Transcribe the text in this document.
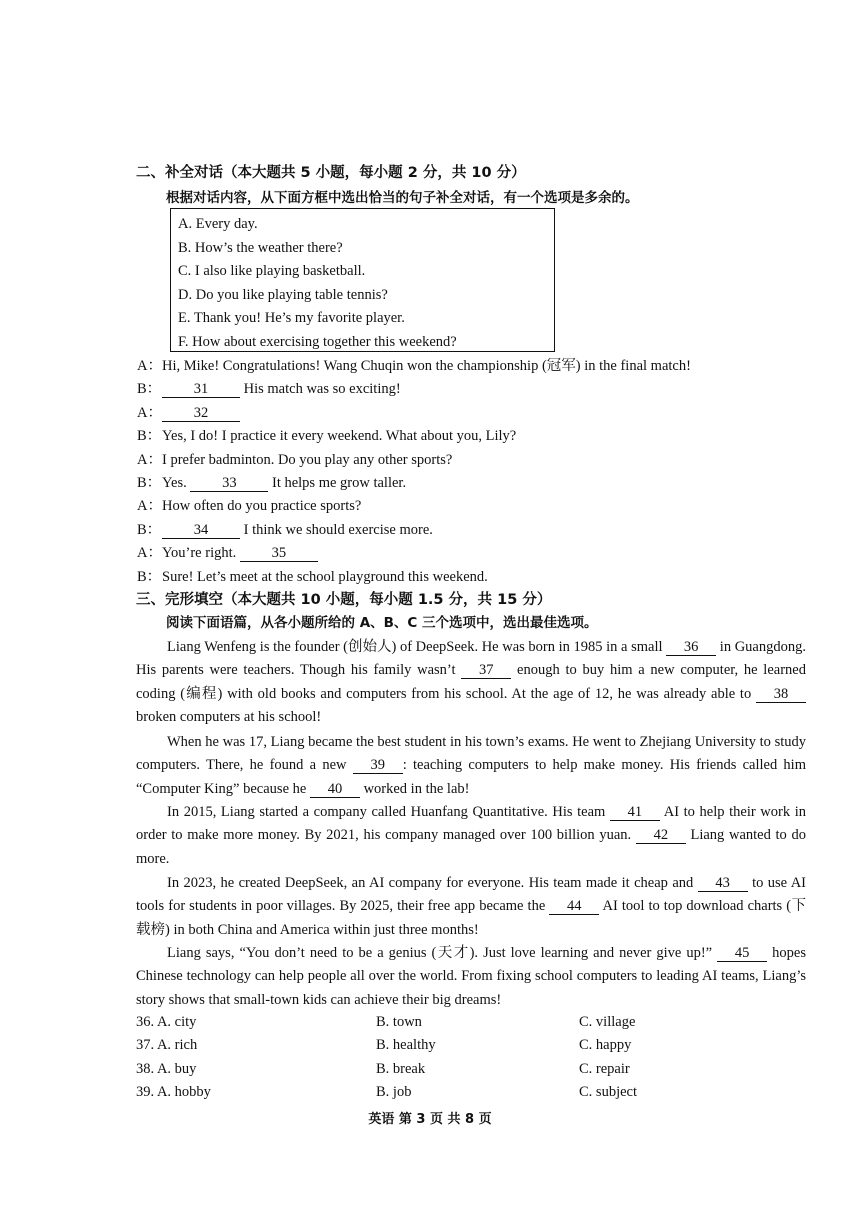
二、补全对话（本大题共 5 小题，每小题 2 分，共 10 分）
根据对话内容，从下面方框中选出恰当的句子补全对话，有一个选项是多余的。
A. Every day.
B. How’s the weather there?
C. I also like playing basketball.
D. Do you like playing table tennis?
E. Thank you! He’s my favorite player.
F. How about exercising together this weekend?
A： Hi, Mike! Congratulations! Wang Chuqin won the championship (冠军) in the final match!
B：	31 His match was so exciting!
A：	32
B： Yes, I do! I practice it every weekend. What about you, Lily?
A： I prefer badminton. Do you play any other sports?
B： Yes. 33 It helps me grow taller.
A： How often do you practice sports?
B：	34 I think we should exercise more.
A： You’re right. 35
B： Sure! Let’s meet at the school playground this weekend.
三、完形填空（本大题共 10 小题，每小题 1.5 分，共 15 分）
阅读下面语篇，从各小题所给的 A、B、C 三个选项中，选出最佳选项。
Liang Wenfeng is the founder (创始人) of DeepSeek. He was born in 1985 in a small 36 in Guangdong. His parents were teachers. Though his family wasn’t 37 enough to buy him a new computer, he learned coding (编程) with old books and computers from his school. At the age of 12, he was already able to 38 broken computers at his school!
When he was 17, Liang became the best student in his town’s exams. He went to Zhejiang University to study computers. There, he found a new 39 : teaching computers to help make money. His friends called him “Computer King” because he 40 worked in the lab!
In 2015, Liang started a company called Huanfang Quantitative. His team 41 AI to help their work in order to make more money. By 2021, his company managed over 100 billion yuan. 42 Liang wanted to do more.
In 2023, he created DeepSeek, an AI company for everyone. His team made it cheap and 43 to use AI tools for students in poor villages. By 2025, their free app became the 44 AI tool to top download charts (下载榜) in both China and America within just three months!
Liang says, “You don’t need to be a genius (天才). Just love learning and never give up!” 45 hopes Chinese technology can help people all over the world. From fixing school computers to leading AI teams, Liang’s story shows that small-town kids can achieve their big dreams!
36. A. city	B. town	C. village
37. A. rich	B. healthy	C. happy
38. A. buy	B. break	C. repair
39. A. hobby	B. job	C. subject
英语 第 3 页 共 8 页
